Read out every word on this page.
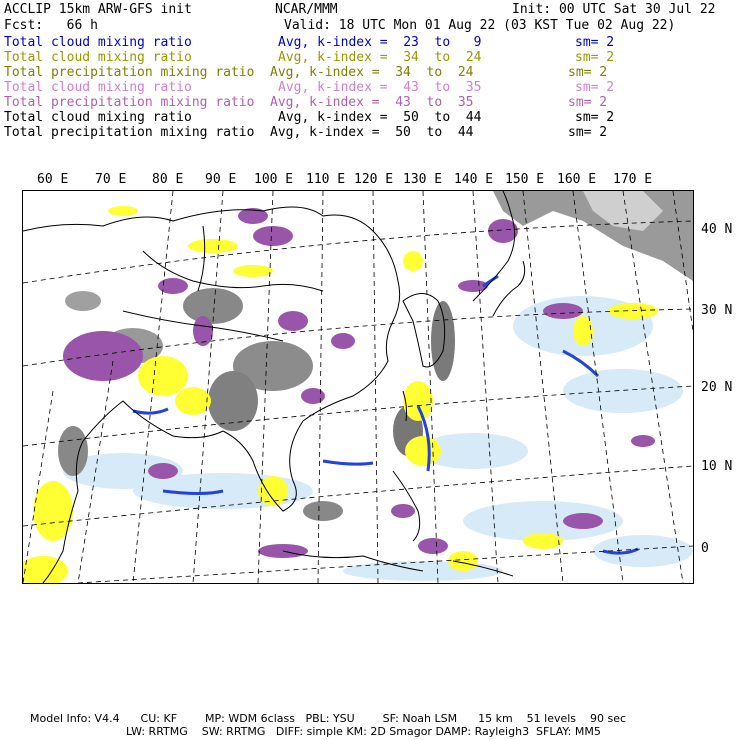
ACCLIP 15km ARW-GFS init	NCAR/MMM	Init: 00 UTC Sat 30 Jul 22
Fcst:   66 h	Valid: 18 UTC Mon 01 Aug 22 (03 KST Tue 02 Aug 22)
Total cloud mixing ratio	Avg, k-index =  23  to   9	sm= 2
Total cloud mixing ratio	Avg, k-index =  34  to  24	sm= 2
Total precipitation mixing ratio Avg, k-index =  34  to  24	sm= 2
Total cloud mixing ratio	Avg, k-index =  43  to  35	sm= 2
Total precipitation mixing ratio Avg, k-index =  43  to  35	sm= 2
Total cloud mixing ratio	Avg, k-index =  50  to  44	sm= 2
Total precipitation mixing ratio Avg, k-index =  50  to  44	sm= 2
60 E 70 E 80 E 90 E 100 E 110 E 120 E 130 E 140 E 150 E 160 E 170 E
40 N
30 N
20 N
10 N
0
Model Info: V4.4      CU: KF        MP: WDM 6class   PBL: YSU        SF: Noah LSM      15 km    51 levels    90 sec
LW: RRTMG    SW: RRTMG   DIFF: simple KM: 2D Smagor DAMP: Rayleigh3  SFLAY: MM5
